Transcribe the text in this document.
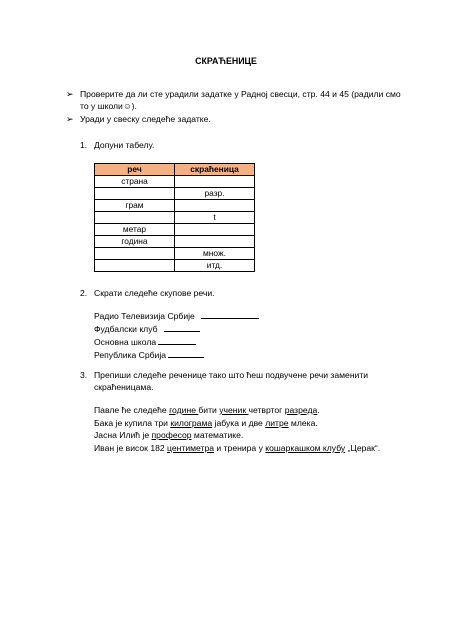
СКРАЋЕНИЦЕ
➢ Проверите да ли сте урадили задатке у Радној свесци, стр. 44 и 45 (радили смо
то у школи☺).
➢ Уради у свеску следеће задатке.
1. Допуни табелу.
реч	скраћеница
страна	
	разр.
грам	
	t
метар	
година	
	множ.
	итд.
2. Скрати следеће скупове речи.
Радио Телевизија Србије
Фудбалски клуб
Основна школа
Република Србија
3. Препиши следеће реченице тако што ћеш подвучене речи заменити
скраћеницама.
Павле ће следеће године бити ученик четвртог разреда.
Бака је купила три килограма јабука и две литре млека.
Јасна Илић је професор математике.
Иван је висок 182 центиметра и тренира у кошаркашком клубу „Церак“.
